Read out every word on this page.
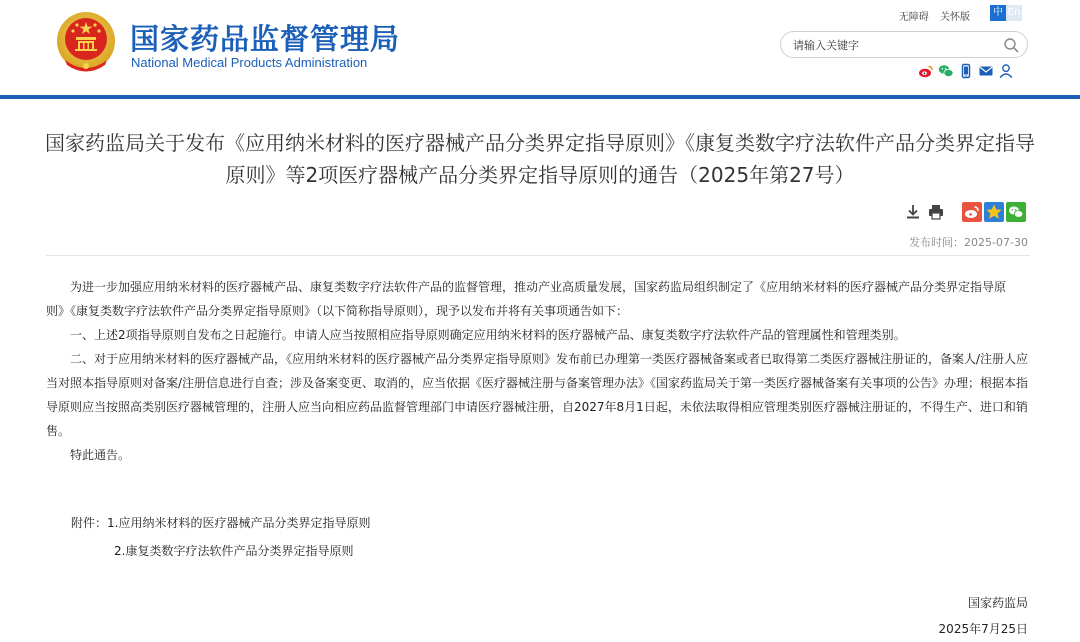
国家药品监督管理局
National Medical Products Administration
无障碍 关怀版	中 En
请输入关键字
国家药监局关于发布《应用纳米材料的医疗器械产品分类界定指导原则》《康复类数字疗法软件产品分类界定指导原则》等2项医疗器械产品分类界定指导原则的通告（2025年第27号）
发布时间：2025-07-30

为进一步加强应用纳米材料的医疗器械产品、康复类数字疗法软件产品的监督管理，推动产业高质量发展，国家药监局组织制定了《应用纳米材料的医疗器械产品分类界定指导原则》《康复类数字疗法软件产品分类界定指导原则》（以下简称指导原则），现予以发布并将有关事项通告如下：

一、上述2项指导原则自发布之日起施行。申请人应当按照相应指导原则确定应用纳米材料的医疗器械产品、康复类数字疗法软件产品的管理属性和管理类别。

二、对于应用纳米材料的医疗器械产品，《应用纳米材料的医疗器械产品分类界定指导原则》发布前已办理第一类医疗器械备案或者已取得第二类医疗器械注册证的，备案人/注册人应当对照本指导原则对备案/注册信息进行自查；涉及备案变更、取消的，应当依据《医疗器械注册与备案管理办法》《国家药监局关于第一类医疗器械备案有关事项的公告》办理；根据本指导原则应当按照高类别医疗器械管理的，注册人应当向相应药品监督管理部门申请医疗器械注册，自2027年8月1日起，未依法取得相应管理类别医疗器械注册证的，不得生产、进口和销售。

特此通告。

附件：1.应用纳米材料的医疗器械产品分类界定指导原则
2.康复类数字疗法软件产品分类界定指导原则
国家药监局
2025年7月25日
